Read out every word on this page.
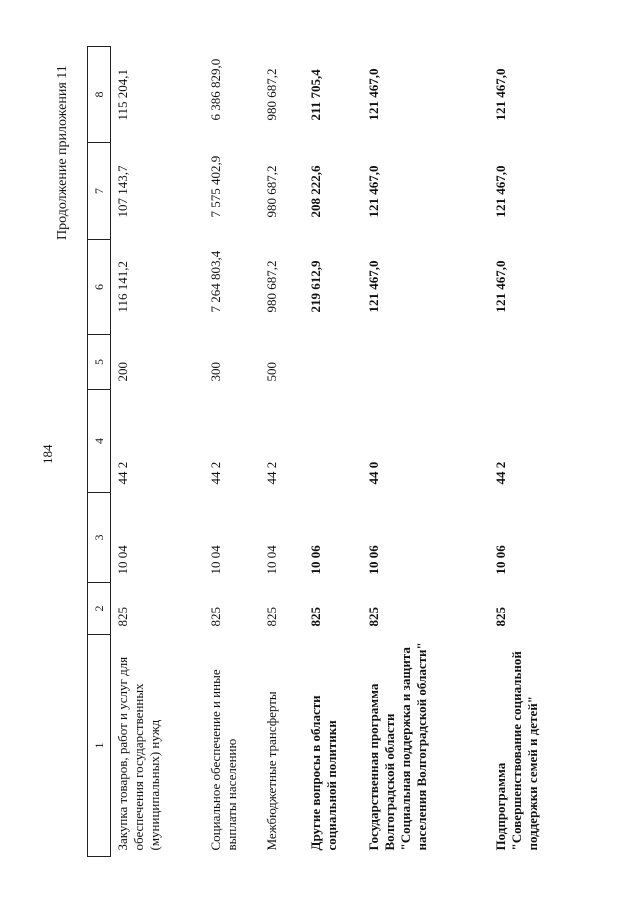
184
Продолжение приложения 11
1	2	3	4	5	6	7	8
Закупка товаров, работ и услуг для обеспечения государственных (муниципальных) нужд	825	10 04	44 2	200	116 141,2	107 143,7	115 204,1
Социальное обеспечение и иные выплаты населению	825	10 04	44 2	300	7 264 803,4	7 575 402,9	6 386 829,0
Межбюджетные трансферты	825	10 04	44 2	500	980 687,2	980 687,2	980 687,2
Другие вопросы в области социальной политики	825	10 06			219 612,9	208 222,6	211 705,4
Государственная программа Волгоградской области "Социальная поддержка и защита населения Волгоградской области"	825	10 06	44 0		121 467,0	121 467,0	121 467,0
Подпрограмма "Совершенствование социальной поддержки семей и детей"	825	10 06	44 2		121 467,0	121 467,0	121 467,0
